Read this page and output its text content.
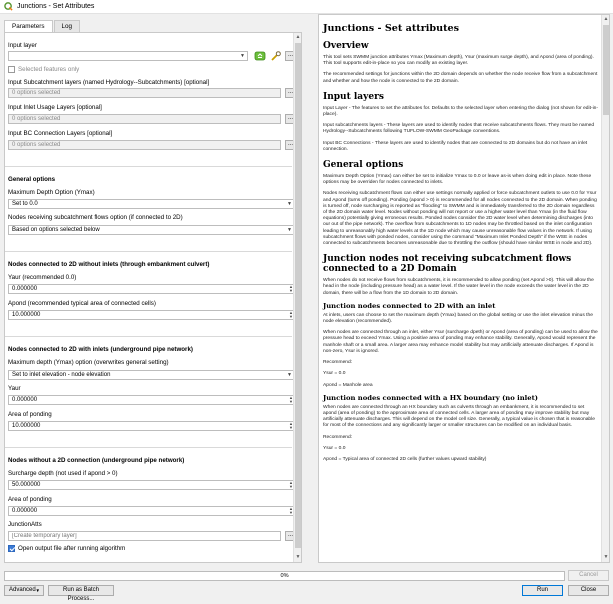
Junctions - Set Attributes
Parameters	Log
Input layer
▼	...
Selected features only
Input Subcatchment layers (named Hydrology--Subcatchments) [optional]
0 options selected	...
Input Inlet Usage Layers [optional]
0 options selected	...
Input BC Connection Layers [optional]
0 options selected	...
General options
Maximum Depth Option (Ymax)
Set to 0.0	▼
Nodes receiving subcatchment flows option (if connected to 2D)
Based on options selected below	▼
Nodes connected to 2D without inlets (through embankment culvert)
Yaur (recommended 0.0)
0.000000	▲
▼
Apond (recommended typical area of connected cells)
10.000000	▲
▼
Nodes connected to 2D with inlets (underground pipe network)
Maximum depth (Ymax) option (overwrites general setting)
Set to inlet elevation - node elevation	▼
Yaur
0.000000	▲
▼
Area of ponding
10.000000	▲
▼
Nodes without a 2D connection (underground pipe network)
Surcharge depth (not used if apond > 0)
50.000000	▲
▼
Area of ponding
0.000000	▲
▼
JunctionAtts
[Create temporary layer]
...
Open output file after running algorithm
▲
▼
Junctions - Set attributes
Overview

This tool sets SWMM junction attributes Ymax (Maximum depth), Ysur (maximum surge depth), and Apond (area of ponding). This tool supports edit-in-place so you can modify an existing layer.

The recommended settings for junctions within the 2D domain depends on whether the node receive flow from a subcatchment and whether and how the node is connected to the 2D domain.

Input layers

Input Layer - The features to set the attributes for. Defaults to the selected layer when entering the dialog (not shown for edit-in-place).

Input subcatchments layers - These layers are used to identify nodes that receive subcatchments flows. They must be named Hydrology--Subcatchments following TUFLOW-SWMM GeoPackage conventions.

Input BC Connections - These layers are used to identify nodes that are connected to 2D domains but do not have an inlet connection.

General options

Maximum Depth Option (Ymax) can either be set to initialize Ymax to 0.0 or leave as-is when doing edit in place. Note these options may be overriden for nodes connected to inlets.

Nodes receiving subcatchment flows can either use settings normally applied or force subcatchment outlets to use 0.0 for Ysur and Apond (turns off ponding). Ponding (apond > 0) is recommended for all nodes connected to the 2D domain. When ponding is turned off, node surcharging is reported as "flooding" to SWMM and is immediately transferred to the 2D domain regardless of the 2D domain water level. Nodes without ponding will not report or use a higher water level than Ymax (in the fluid flow equations) potentially giving erroneous results. Ponded nodes consider the 2D water level when determining discharges (into our out of the pipe network). The overflow from subcatchments to 1D nodes may be throttled based on the inlet configuration leading to unreasonably high water levels at the 1D node which may cause unreasonable flow values in the network. If using subcatchment flows with ponded nodes, consider using the command "Maximum Inlet Ponded Depth" if the WSE in nodes connected to subcatchments becomes unreasonable due to throttling the outflow (should have similar WSE in node and 2D).

Junction nodes not receiving subcatchment flows connected to a 2D Domain

When nodes do not receive flows from subcatchments, it is recommended to allow ponding (set Apond >0). This will allow the head in the node (including pressure head) as a water level. If the water level in the node exceeds the water level in the 2D domain, there will be a flow from the 1D domain to 2D domain.

Junction nodes connected to 2D with an inlet

At inlets, users can choose to set the maximum depth (Ymax) based on the global setting or use the inlet elevation minus the node elevation (recommended).

When nodes are connected through an inlet, either Ysur (surcharge dpeth) or Apond (area of ponding) can be used to allow the pressure head to exceed Ymax. Using a positive area of ponding may enhance stability. Generally, Apond would represent the manhole shaft or a small area. A larger area may enhance model stability but may artificially attenuate discharges. If Apond is non-zero, Ysur is ignored.

Recommend:

Ysur = 0.0

Apond = Manhole area

Junction nodes connected with a HX boundary (no inlet)

When nodes are connected through an HX boundary such as culverts through an embankment, it is recommended to set apond (area of ponding) to the approximate area of connected cells. A larger area of ponding may improve stability but may artificially attenuate discharges. This will depend on the model cell size. Generally, a typical value is chosen that is reasonable for most of the connections and any significantly larger or smaller structures can be modified on an individual basis.

Recommend:

Ysur = 0.0

Apond = Typical area of connected 2D cells (further values upward stability)

▲
▼
0%	Cancel
Advanced ▼	Run as Batch Process...
Run	Close
